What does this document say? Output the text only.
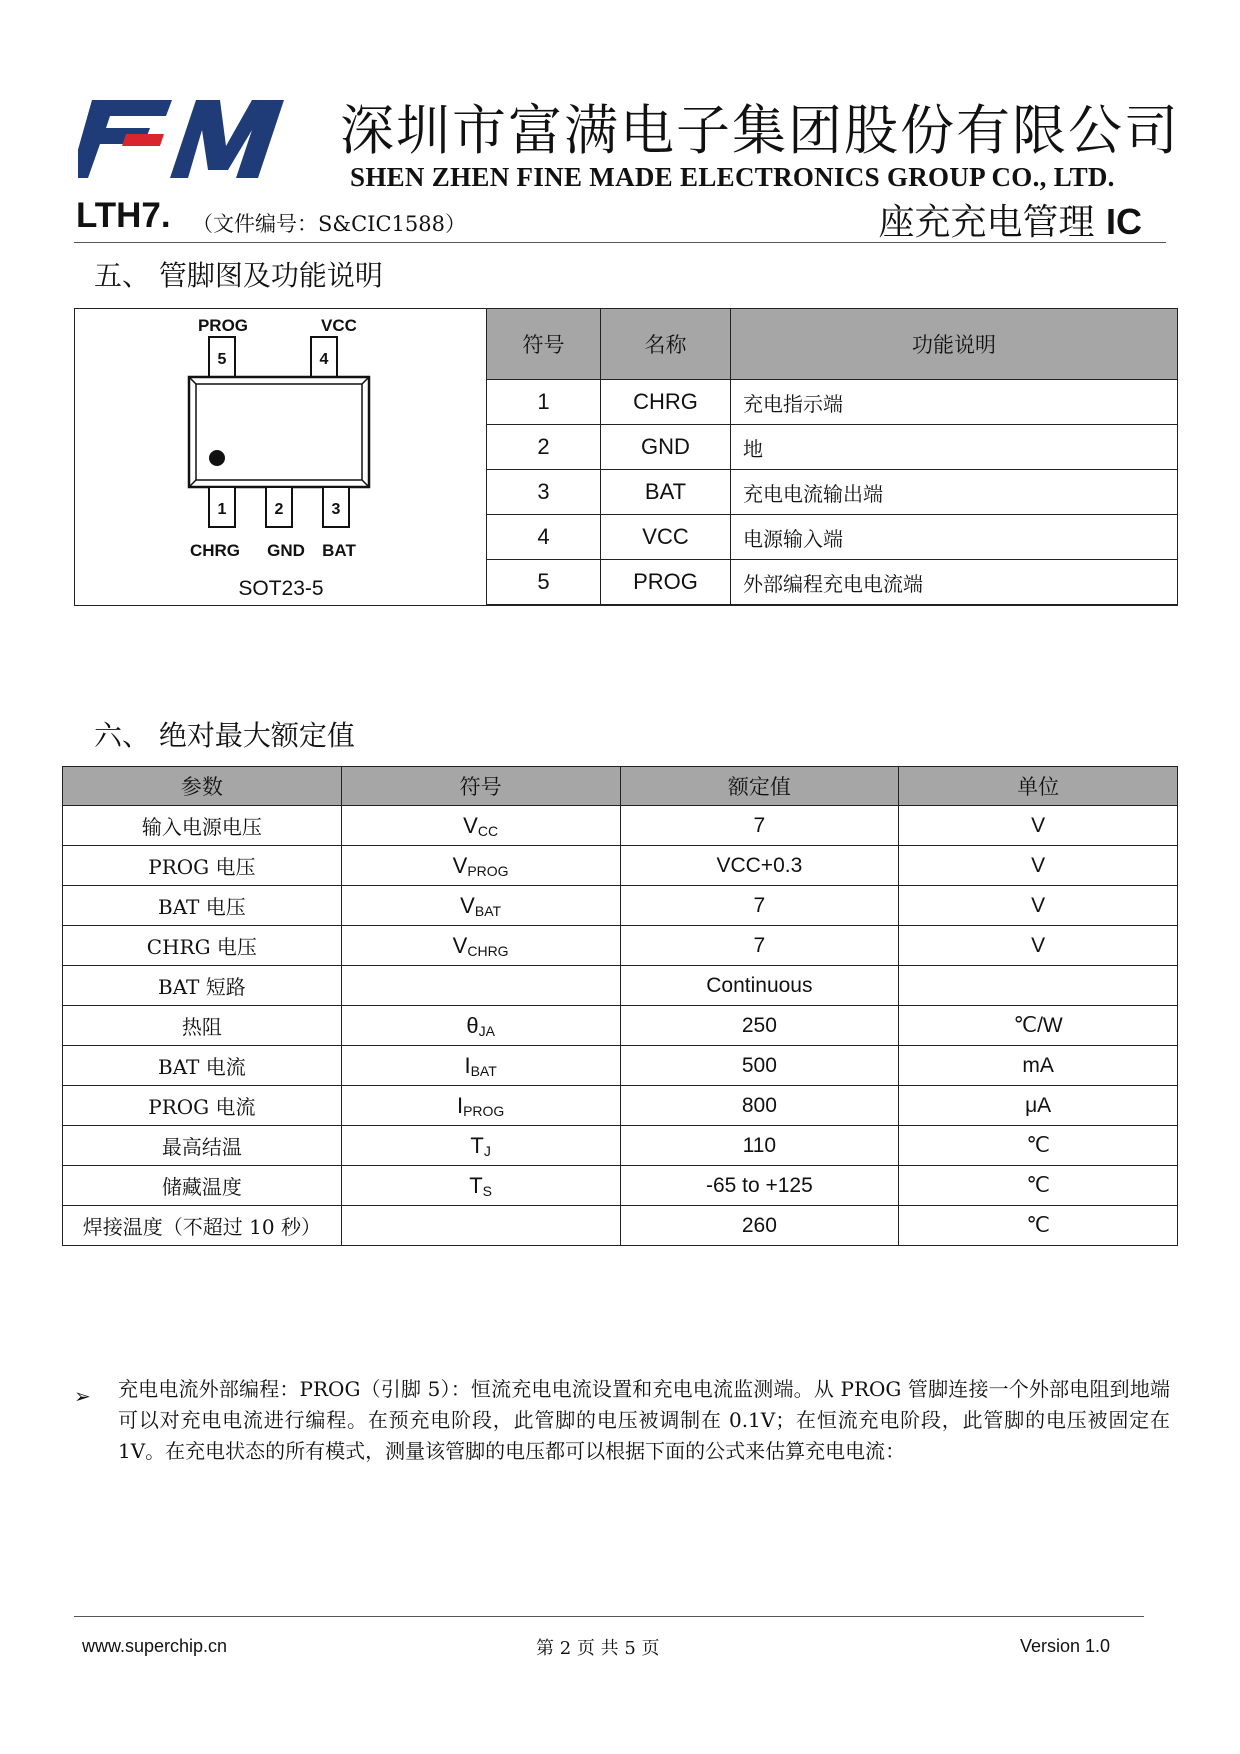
深圳市富满电子集团股份有限公司
SHEN ZHEN FINE MADE ELECTRONICS GROUP CO., LTD.
LTH7. （文件编号：S&CIC1588）	座充充电管理 IC
五、 管脚图及功能说明
PROG	VCC
5	4
1	2	3
CHRG GND BAT
SOT23-5
符号	名称	功能说明
1	CHRG	充电指示端
2	GND	地
3	BAT	充电电流输出端
4	VCC	电源输入端
5	PROG	外部编程充电电流端
六、 绝对最大额定值
参数	符号	额定值	单位
输入电源电压	$V_{CC}$	7	V
PROG 电压	$V_{PROG}$	VCC+0.3	V
BAT 电压	$V_{BAT}$	7	V
CHRG 电压	$V_{CHRG}$	7	V
BAT 短路		Continuous	
热阻	$\theta_{JA}$	250	℃/W
BAT 电流	$I_{BAT}$	500	mA
PROG 电流	$I_{PROG}$	800	μA
最高结温	$T_J$	110	℃
储藏温度	$T_S$	-65 to +125	℃
焊接温度（不超过 10 秒）		260	℃
➢ 充电电流外部编程：PROG（引脚 5）：恒流充电电流设置和充电电流监测端。从 PROG 管脚连接一个外部电阻到地端可以对充电电流进行编程。在预充电阶段，此管脚的电压被调制在 0.1V；在恒流充电阶段，此管脚的电压被固定在1V。在充电状态的所有模式，测量该管脚的电压都可以根据下面的公式来估算充电电流：
www.superchip.cn	第 2 页 共 5 页	Version 1.0
